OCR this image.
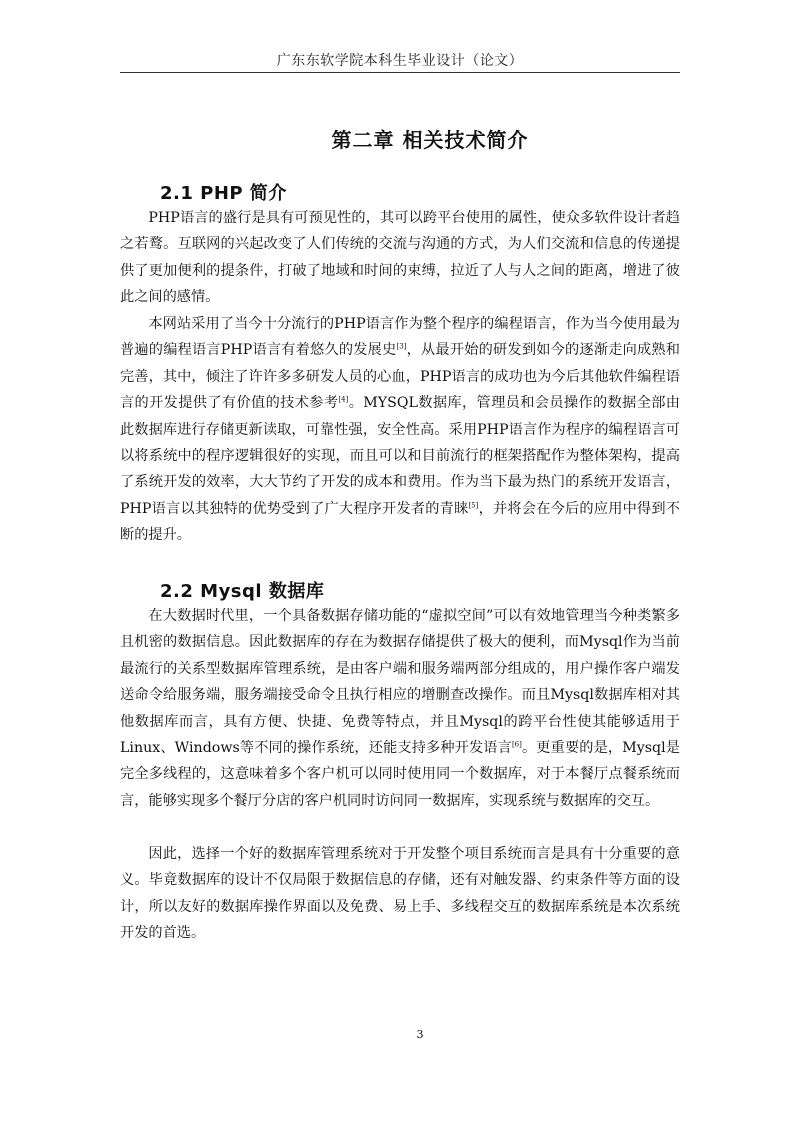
广东东软学院本科生毕业设计（论文）
第二章 相关技术简介
2.1 PHP 简介

PHP语言的盛行是具有可预见性的，其可以跨平台使用的属性，使众多软件设计者趋之若鹜。互联网的兴起改变了人们传统的交流与沟通的方式，为人们交流和信息的传递提供了更加便利的提条件，打破了地域和时间的束缚，拉近了人与人之间的距离，增进了彼此之间的感情。

本网站采用了当今十分流行的PHP语言作为整个程序的编程语言，作为当今使用最为普遍的编程语言PHP语言有着悠久的发展史[3]，从最开始的研发到如今的逐渐走向成熟和完善，其中，倾注了许许多多研发人员的心血，PHP语言的成功也为今后其他软件编程语言的开发提供了有价值的技术参考[4]。MYSQL数据库，管理员和会员操作的数据全部由此数据库进行存储更新读取，可靠性强，安全性高。采用PHP语言作为程序的编程语言可以将系统中的程序逻辑很好的实现，而且可以和目前流行的框架搭配作为整体架构，提高了系统开发的效率，大大节约了开发的成本和费用。作为当下最为热门的系统开发语言，PHP语言以其独特的优势受到了广大程序开发者的青睐[5]，并将会在今后的应用中得到不断的提升。

2.2 Mysql 数据库

在大数据时代里，一个具备数据存储功能的“虚拟空间”可以有效地管理当今种类繁多且机密的数据信息。因此数据库的存在为数据存储提供了极大的便利，而Mysql作为当前最流行的关系型数据库管理系统，是由客户端和服务端两部分组成的，用户操作客户端发送命令给服务端，服务端接受命令且执行相应的增删查改操作。而且Mysql数据库相对其他数据库而言，具有方便、快捷、免费等特点，并且Mysql的跨平台性使其能够适用于Linux、Windows等不同的操作系统，还能支持多种开发语言[6]。更重要的是，Mysql是完全多线程的，这意味着多个客户机可以同时使用同一个数据库，对于本餐厅点餐系统而言，能够实现多个餐厅分店的客户机同时访问同一数据库，实现系统与数据库的交互。

因此，选择一个好的数据库管理系统对于开发整个项目系统而言是具有十分重要的意义。毕竟数据库的设计不仅局限于数据信息的存储，还有对触发器、约束条件等方面的设计，所以友好的数据库操作界面以及免费、易上手、多线程交互的数据库系统是本次系统开发的首选。

3
